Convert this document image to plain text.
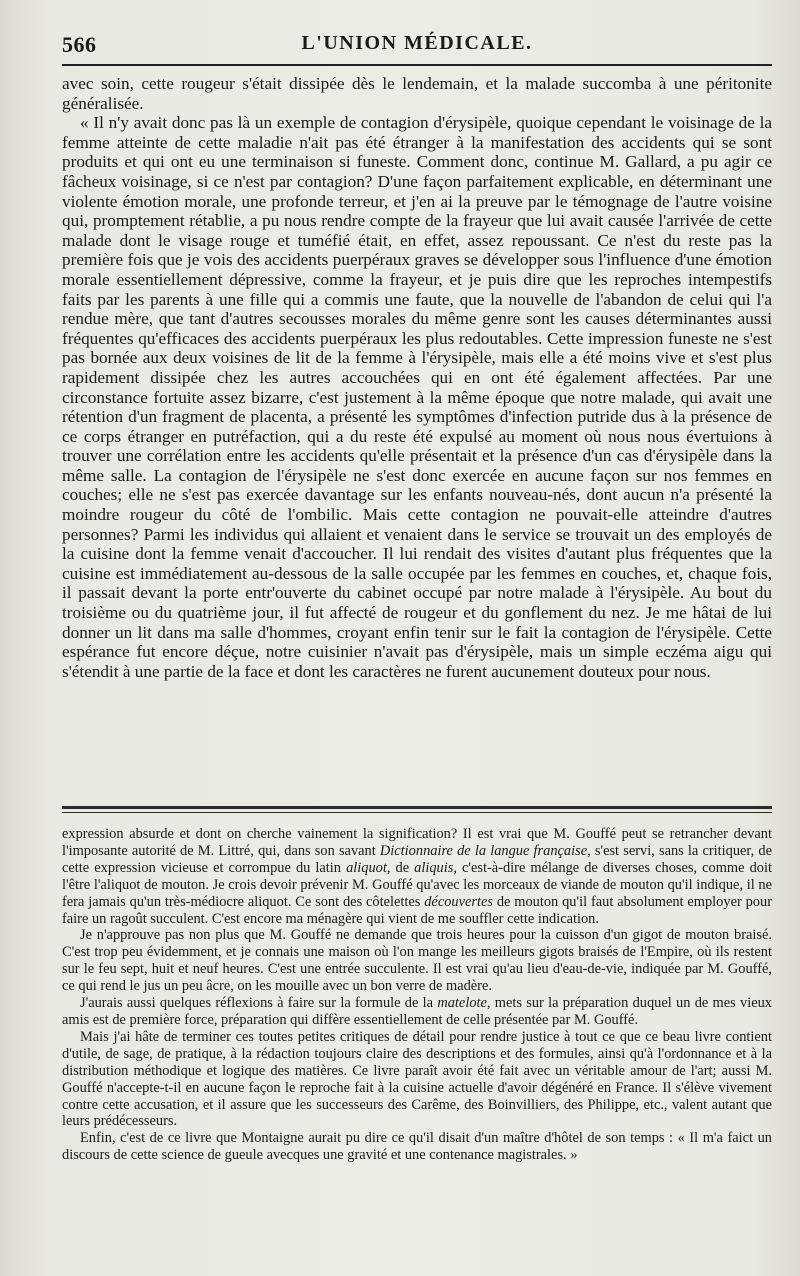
566	L'UNION MÉDICALE.

avec soin, cette rougeur s'était dissipée dès le lendemain, et la malade succomba à une péritonite généralisée.

« Il n'y avait donc pas là un exemple de contagion d'érysipèle, quoique cependant le voisinage de la femme atteinte de cette maladie n'ait pas été étranger à la manifestation des accidents qui se sont produits et qui ont eu une terminaison si funeste. Comment donc, continue M. Gallard, a pu agir ce fâcheux voisinage, si ce n'est par contagion? D'une façon parfaitement explicable, en déterminant une violente émotion morale, une profonde terreur, et j'en ai la preuve par le témognage de l'autre voisine qui, promptement rétablie, a pu nous rendre compte de la frayeur que lui avait causée l'arrivée de cette malade dont le visage rouge et tuméfié était, en effet, assez repoussant. Ce n'est du reste pas la première fois que je vois des accidents puerpéraux graves se développer sous l'influence d'une émotion morale essentiellement dépressive, comme la frayeur, et je puis dire que les reproches intempestifs faits par les parents à une fille qui a commis une faute, que la nouvelle de l'abandon de celui qui l'a rendue mère, que tant d'autres secousses morales du même genre sont les causes déterminantes aussi fréquentes qu'efficaces des accidents puerpéraux les plus redoutables. Cette impression funeste ne s'est pas bornée aux deux voisines de lit de la femme à l'érysipèle, mais elle a été moins vive et s'est plus rapidement dissipée chez les autres accouchées qui en ont été également affectées. Par une circonstance fortuite assez bizarre, c'est justement à la même époque que notre malade, qui avait une rétention d'un fragment de placenta, a présenté les symptômes d'infection putride dus à la présence de ce corps étranger en putréfaction, qui a du reste été expulsé au moment où nous nous évertuions à trouver une corrélation entre les accidents qu'elle présentait et la présence d'un cas d'érysipèle dans la même salle. La contagion de l'érysipèle ne s'est donc exercée en aucune façon sur nos femmes en couches; elle ne s'est pas exercée davantage sur les enfants nouveau-nés, dont aucun n'a présenté la moindre rougeur du côté de l'ombilic. Mais cette contagion ne pouvait-elle atteindre d'autres personnes? Parmi les individus qui allaient et venaient dans le service se trouvait un des employés de la cuisine dont la femme venait d'accoucher. Il lui rendait des visites d'autant plus fréquentes que la cuisine est immédiatement au-dessous de la salle occupée par les femmes en couches, et, chaque fois, il passait devant la porte entr'ouverte du cabinet occupé par notre malade à l'érysipèle. Au bout du troisième ou du quatrième jour, il fut affecté de rougeur et du gonflement du nez. Je me hâtai de lui donner un lit dans ma salle d'hommes, croyant enfin tenir sur le fait la contagion de l'érysipèle. Cette espérance fut encore déçue, notre cuisinier n'avait pas d'érysipèle, mais un simple eczéma aigu qui s'étendit à une partie de la face et dont les caractères ne furent aucunement douteux pour nous.

expression absurde et dont on cherche vainement la signification? Il est vrai que M. Gouffé peut se retrancher devant l'imposante autorité de M. Littré, qui, dans son savant Dictionnaire de la langue française, s'est servi, sans la critiquer, de cette expression vicieuse et corrompue du latin aliquot, de aliquis, c'est-à-dire mélange de diverses choses, comme doit l'être l'aliquot de mouton. Je crois devoir prévenir M. Gouffé qu'avec les morceaux de viande de mouton qu'il indique, il ne fera jamais qu'un très-médiocre aliquot. Ce sont des côtelettes découvertes de mouton qu'il faut absolument employer pour faire un ragoût succulent. C'est encore ma ménagère qui vient de me souffler cette indication.

Je n'approuve pas non plus que M. Gouffé ne demande que trois heures pour la cuisson d'un gigot de mouton braisé. C'est trop peu évidemment, et je connais une maison où l'on mange les meilleurs gigots braisés de l'Empire, où ils restent sur le feu sept, huit et neuf heures. C'est une entrée succulente. Il est vrai qu'au lieu d'eau-de-vie, indiquée par M. Gouffé, ce qui rend le jus un peu âcre, on les mouille avec un bon verre de madère.

J'aurais aussi quelques réflexions à faire sur la formule de la matelote, mets sur la préparation duquel un de mes vieux amis est de première force, préparation qui diffère essentiellement de celle présentée par M. Gouffé.

Mais j'ai hâte de terminer ces toutes petites critiques de détail pour rendre justice à tout ce que ce beau livre contient d'utile, de sage, de pratique, à la rédaction toujours claire des descriptions et des formules, ainsi qu'à l'ordonnance et à la distribution méthodique et logique des matières. Ce livre paraît avoir été fait avec un véritable amour de l'art; aussi M. Gouffé n'accepte-t-il en aucune façon le reproche fait à la cuisine actuelle d'avoir dégénéré en France. Il s'élève vivement contre cette accusation, et il assure que les successeurs des Carême, des Boinvilliers, des Philippe, etc., valent autant que leurs prédécesseurs.

Enfin, c'est de ce livre que Montaigne aurait pu dire ce qu'il disait d'un maître d'hôtel de son temps : « Il m'a faict un discours de cette science de gueule avecques une gravité et une contenance magistrales. »
